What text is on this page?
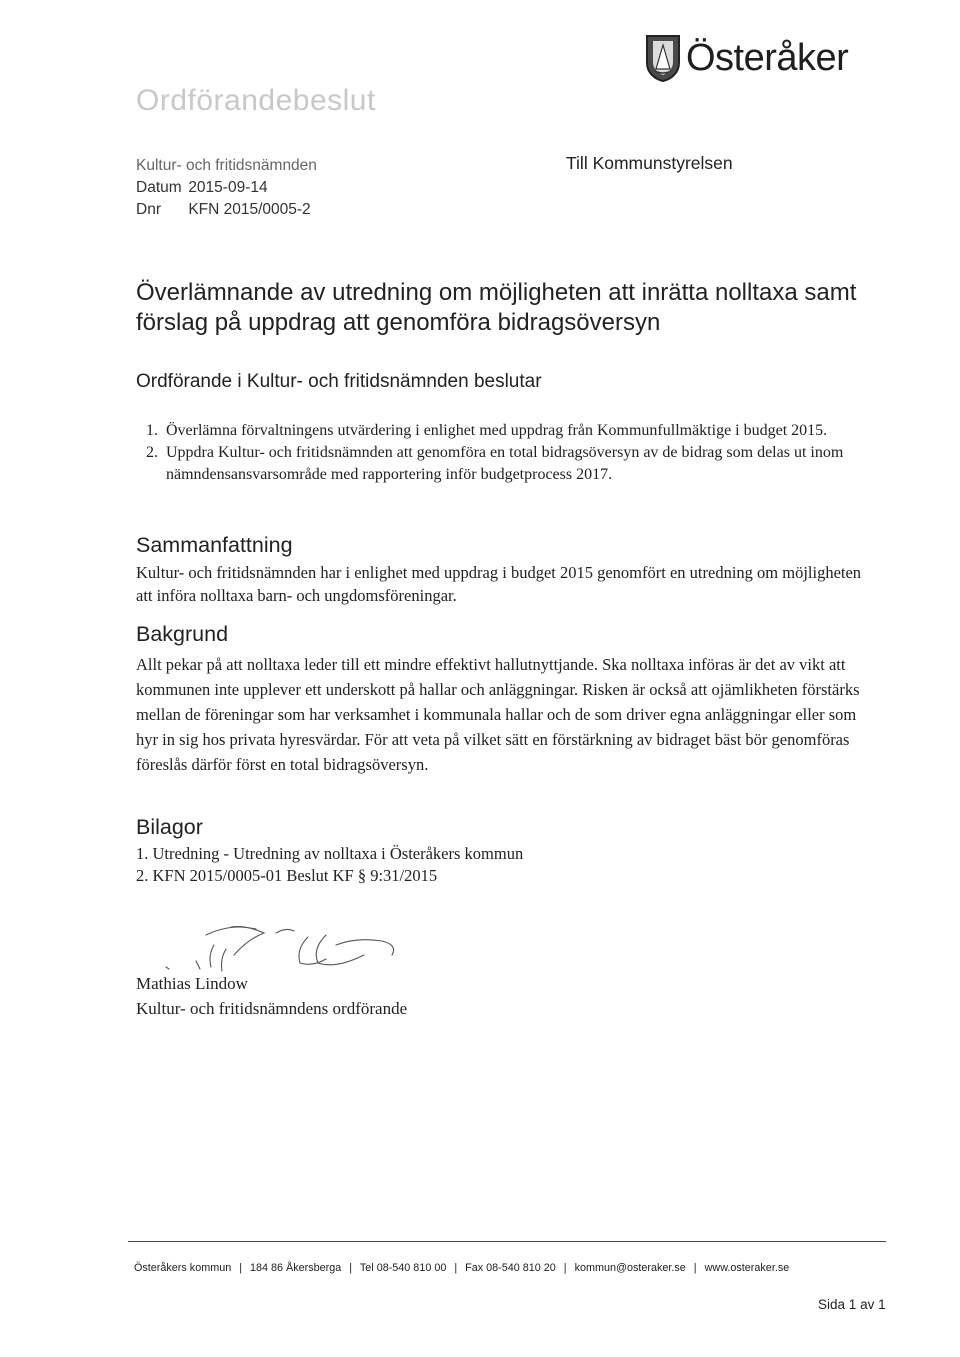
Österåker
Ordförandebeslut
Kultur- och fritidsnämnden
Datum 2015-09-14
Dnr KFN 2015/0005-2
Till Kommunstyrelsen
Överlämnande av utredning om möjligheten att inrätta nolltaxa samt
förslag på uppdrag att genomföra bidragsöversyn
Ordförande i Kultur- och fritidsnämnden beslutar
1. Överlämna förvaltningens utvärdering i enlighet med uppdrag från Kommunfullmäktige i budget 2015.
2. Uppdra Kultur- och fritidsnämnden att genomföra en total bidragsöversyn av de bidrag som delas ut inom nämndensansvarsområde med rapportering inför budgetprocess 2017.
Sammanfattning

Kultur- och fritidsnämnden har i enlighet med uppdrag i budget 2015 genomfört en utredning om möjligheten att införa nolltaxa barn- och ungdomsföreningar.

Bakgrund

Allt pekar på att nolltaxa leder till ett mindre effektivt hallutnyttjande. Ska nolltaxa införas är det av vikt att kommunen inte upplever ett underskott på hallar och anläggningar. Risken är också att ojämlikheten förstärks mellan de föreningar som har verksamhet i kommunala hallar och de som driver egna anläggningar eller som hyr in sig hos privata hyresvärdar. För att veta på vilket sätt en förstärkning av bidraget bäst bör genomföras föreslås därför först en total bidragsöversyn.

Bilagor
1. Utredning - Utredning av nolltaxa i Österåkers kommun
2. KFN 2015/0005-01 Beslut KF § 9:31/2015
Mathias Lindow
Kultur- och fritidsnämndens ordförande
Österåkers kommun | 184 86 Åkersberga | Tel 08-540 810 00 | Fax 08-540 810 20 | kommun@osteraker.se | www.osteraker.se
Sida 1 av 1
